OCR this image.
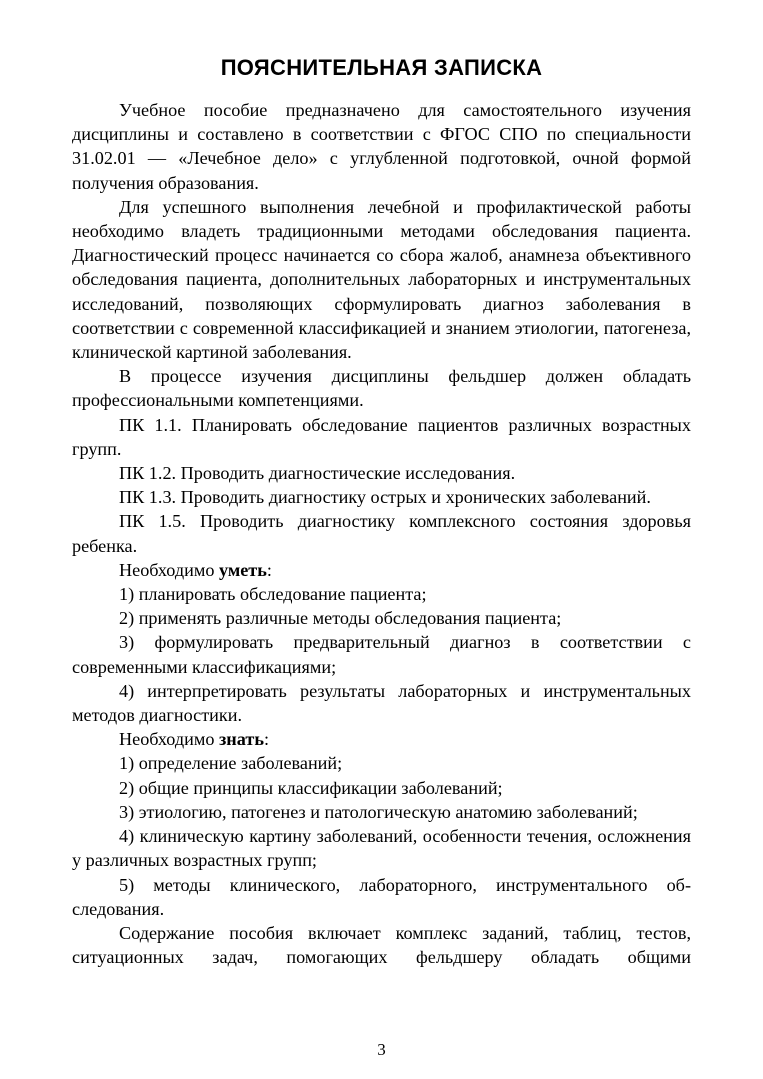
ПОЯСНИТЕЛЬНАЯ ЗАПИСКА

Учебное пособие предназначено для самостоятельного изучения дисциплины и составлено в соответствии с ФГОС СПО по специальности 31.02.01 — «Лечебное дело» с углубленной подготовкой, очной формой получения образования.

Для успешного выполнения лечебной и профилактической работы необходимо владеть традиционными методами обследования пациента. Диагностический процесс начинается со сбора жалоб, анамнеза объективного обследования пациента, дополнительных лабораторных и инструментальных исследований, позволяющих сформулировать диагноз заболевания в соответствии с современной классификацией и знанием этиологии, патогенеза, клинической картиной заболевания.

В процессе изучения дисциплины фельдшер должен обладать профессиональными компетенциями.

ПК 1.1. Планировать обследование пациентов различных возрастных групп.

ПК 1.2. Проводить диагностические исследования.

ПК 1.3. Проводить диагностику острых и хронических заболеваний.

ПК 1.5. Проводить диагностику комплексного состояния здоровья ребенка.

Необходимо уметь:

1) планировать обследование пациента;

2) применять различные методы обследования пациента;

3) формулировать предварительный диагноз в соответствии с современными классификациями;

4) интерпретировать результаты лабораторных и инструментальных методов диагностики.

Необходимо знать:

1) определение заболеваний;

2) общие принципы классификации заболеваний;

3) этиологию, патогенез и патологическую анатомию заболеваний;

4) клиническую картину заболеваний, особенности течения, осложнения у различных возрастных групп;

5) методы клинического, лабораторного, инструментального обследования.

Содержание пособия включает комплекс заданий, таблиц, тестов, ситуационных задач, помогающих фельдшеру обладать общими

3
